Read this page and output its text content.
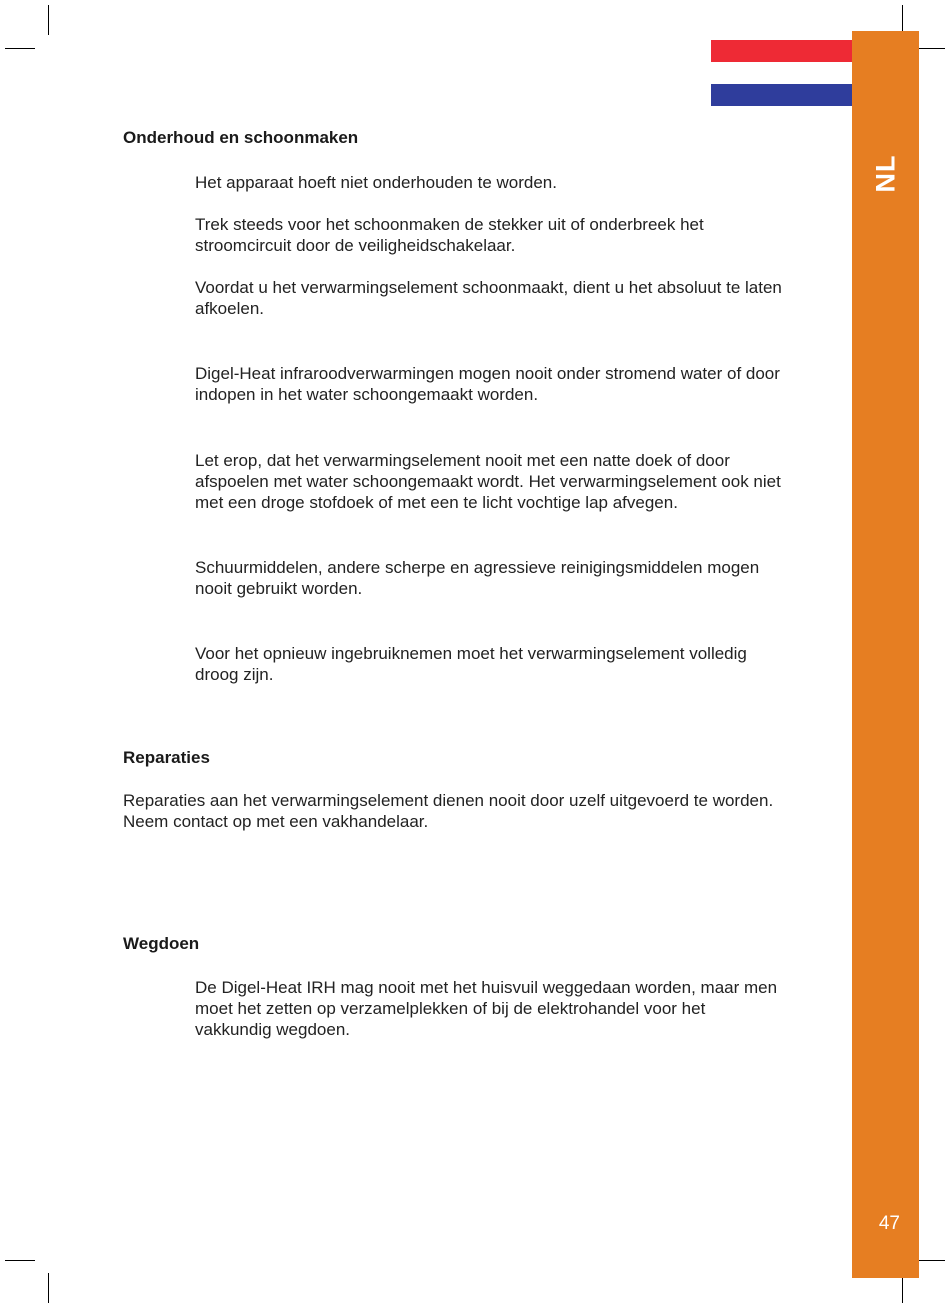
NL
47
Onderhoud en schoonmaken

Het apparaat hoeft niet onderhouden te worden.

Trek steeds voor het schoonmaken de stekker uit of onderbreek het
stroomcircuit door de veiligheidschakelaar.

Voordat u het verwarmingselement schoonmaakt, dient u het absoluut te laten
afkoelen.

Digel-Heat infraroodverwarmingen mogen nooit onder stromend water of door
indopen in het water schoongemaakt worden.

Let erop, dat het verwarmingselement nooit met een natte doek of door
afspoelen met water schoongemaakt wordt. Het verwarmingselement ook niet
met een droge stofdoek of met een te licht vochtige lap afvegen.

Schuurmiddelen, andere scherpe en agressieve reinigingsmiddelen mogen
nooit gebruikt worden.

Voor het opnieuw ingebruiknemen moet het verwarmingselement volledig
droog zijn.

Reparaties

Reparaties aan het verwarmingselement dienen nooit door uzelf uitgevoerd te worden.
Neem contact op met een vakhandelaar.

Wegdoen

De Digel-Heat IRH mag nooit met het huisvuil weggedaan worden, maar men
moet het zetten op verzamelplekken of bij de elektrohandel voor het
vakkundig wegdoen.
